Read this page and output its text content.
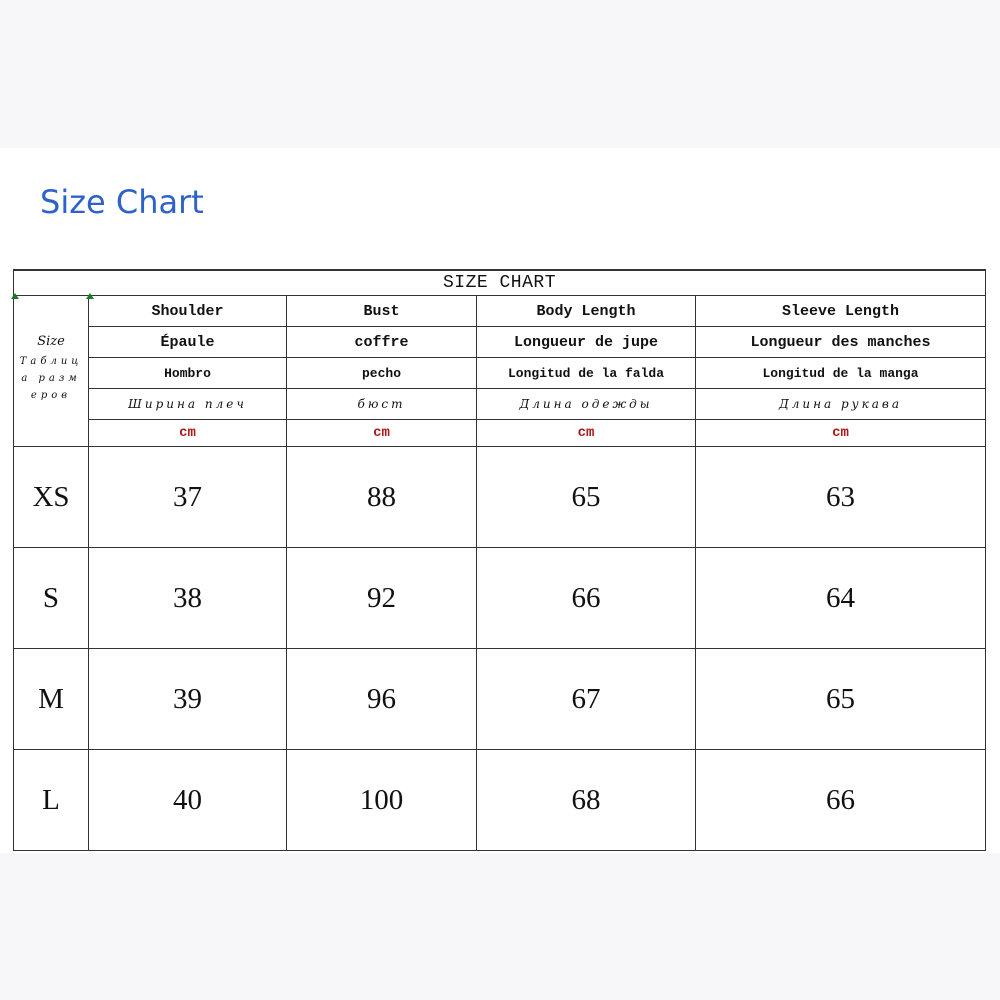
Size Chart
SIZE CHART				

Size
Таблица размеров	Shoulder	Bust	Body Length	Sleeve Length
	Épaule	coffre	Longueur de jupe	Longueur des manches
	Hombro	pecho	Longitud de la falda	Longitud de la manga
	Ширина плеч	бюст	Длина одежды	Длина рукава
	cm	cm	cm	cm
XS	37	88	65	63
S	38	92	66	64
M	39	96	67	65
L	40	100	68	66
